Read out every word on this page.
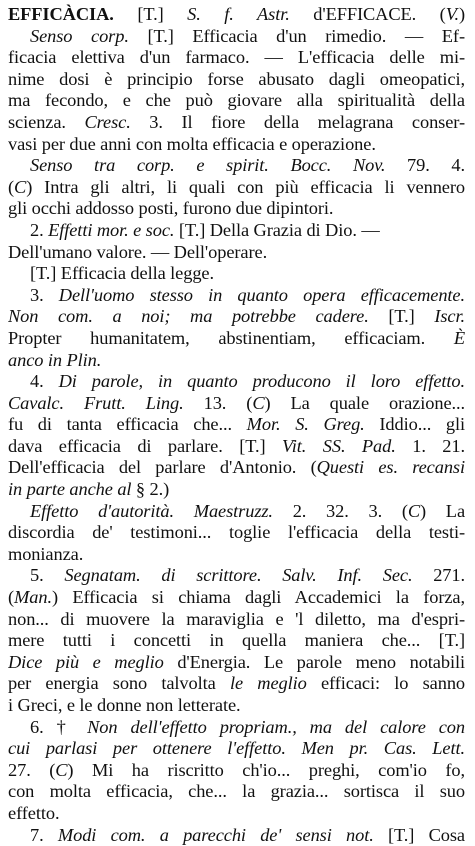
EFFICÀCIA. [T.] S. f. Astr. d'EFFICACE. (V.)
Senso corp. [T.] Efficacia d'un rimedio. — Ef-
ficacia elettiva d'un farmaco. — L'efficacia delle mi-
nime dosi è principio forse abusato dagli omeopatici,
ma fecondo, e che può giovare alla spiritualità della
scienza. Cresc. 3. Il fiore della melagrana conser-
vasi per due anni con molta efficacia e operazione.
Senso tra corp. e spirit. Bocc. Nov. 79. 4.
(C) Intra gli altri, li quali con più efficacia li vennero
gli occhi addosso posti, furono due dipintori.
2. Effetti mor. e soc. [T.] Della Grazia di Dio. —
Dell'umano valore. — Dell'operare.
[T.] Efficacia della legge.
3. Dell'uomo stesso in quanto opera efficacemente.
Non com. a noi; ma potrebbe cadere. [T.] Iscr.
Propter humanitatem, abstinentiam, efficaciam. È
anco in Plin.
4. Di parole, in quanto producono il loro effetto.
Cavalc. Frutt. Ling. 13. (C) La quale orazione...
fu di tanta efficacia che... Mor. S. Greg. Iddio... gli
dava efficacia di parlare. [T.] Vit. SS. Pad. 1. 21.
Dell'efficacia del parlare d'Antonio. (Questi es. recansi
in parte anche al § 2.)
Effetto d'autorità. Maestruzz. 2. 32. 3. (C) La
discordia de' testimoni... toglie l'efficacia della testi-
monianza.
5. Segnatam. di scrittore. Salv. Inf. Sec. 271.
(Man.) Efficacia si chiama dagli Accademici la forza,
non... di muovere la maraviglia e 'l diletto, ma d'espri-
mere tutti i concetti in quella maniera che... [T.]
Dice più e meglio d'Energia. Le parole meno notabili
per energia sono talvolta le meglio efficaci: lo sanno
i Greci, e le donne non letterate.
6. † Non dell'effetto propriam., ma del calore con
cui parlasi per ottenere l'effetto. Men pr. Cas. Lett.
27. (C) Mi ha riscritto ch'io... preghi, com'io fo,
con molta efficacia, che... la grazia... sortisca il suo
effetto.
7. Modi com. a parecchi de' sensi not. [T.] Cosa
